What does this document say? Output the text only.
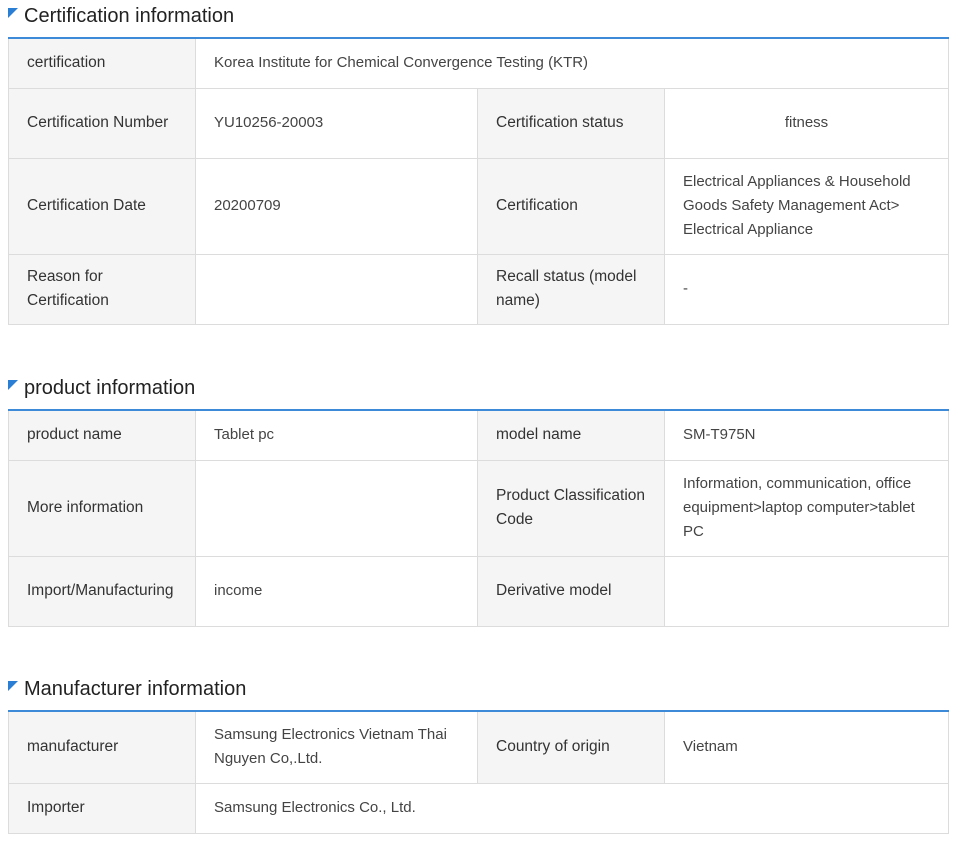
Certification information
certification	Korea Institute for Chemical Convergence Testing (KTR)		
Certification Number	YU10256-20003	Certification status	fitness
Certification Date	20200709	Certification	Electrical Appliances & Household Goods Safety Management Act> Electrical Appliance
Reason for Certification		Recall status (model name)	-
product information
product name	Tablet pc	model name	SM-T975N
More information		Product Classification Code	Information, communication, office equipment>laptop computer>tablet PC
Import/Manufacturing	income	Derivative model	
Manufacturer information
manufacturer	Samsung Electronics Vietnam Thai Nguyen Co,.Ltd.	Country of origin	Vietnam
Importer	Samsung Electronics Co., Ltd.		
